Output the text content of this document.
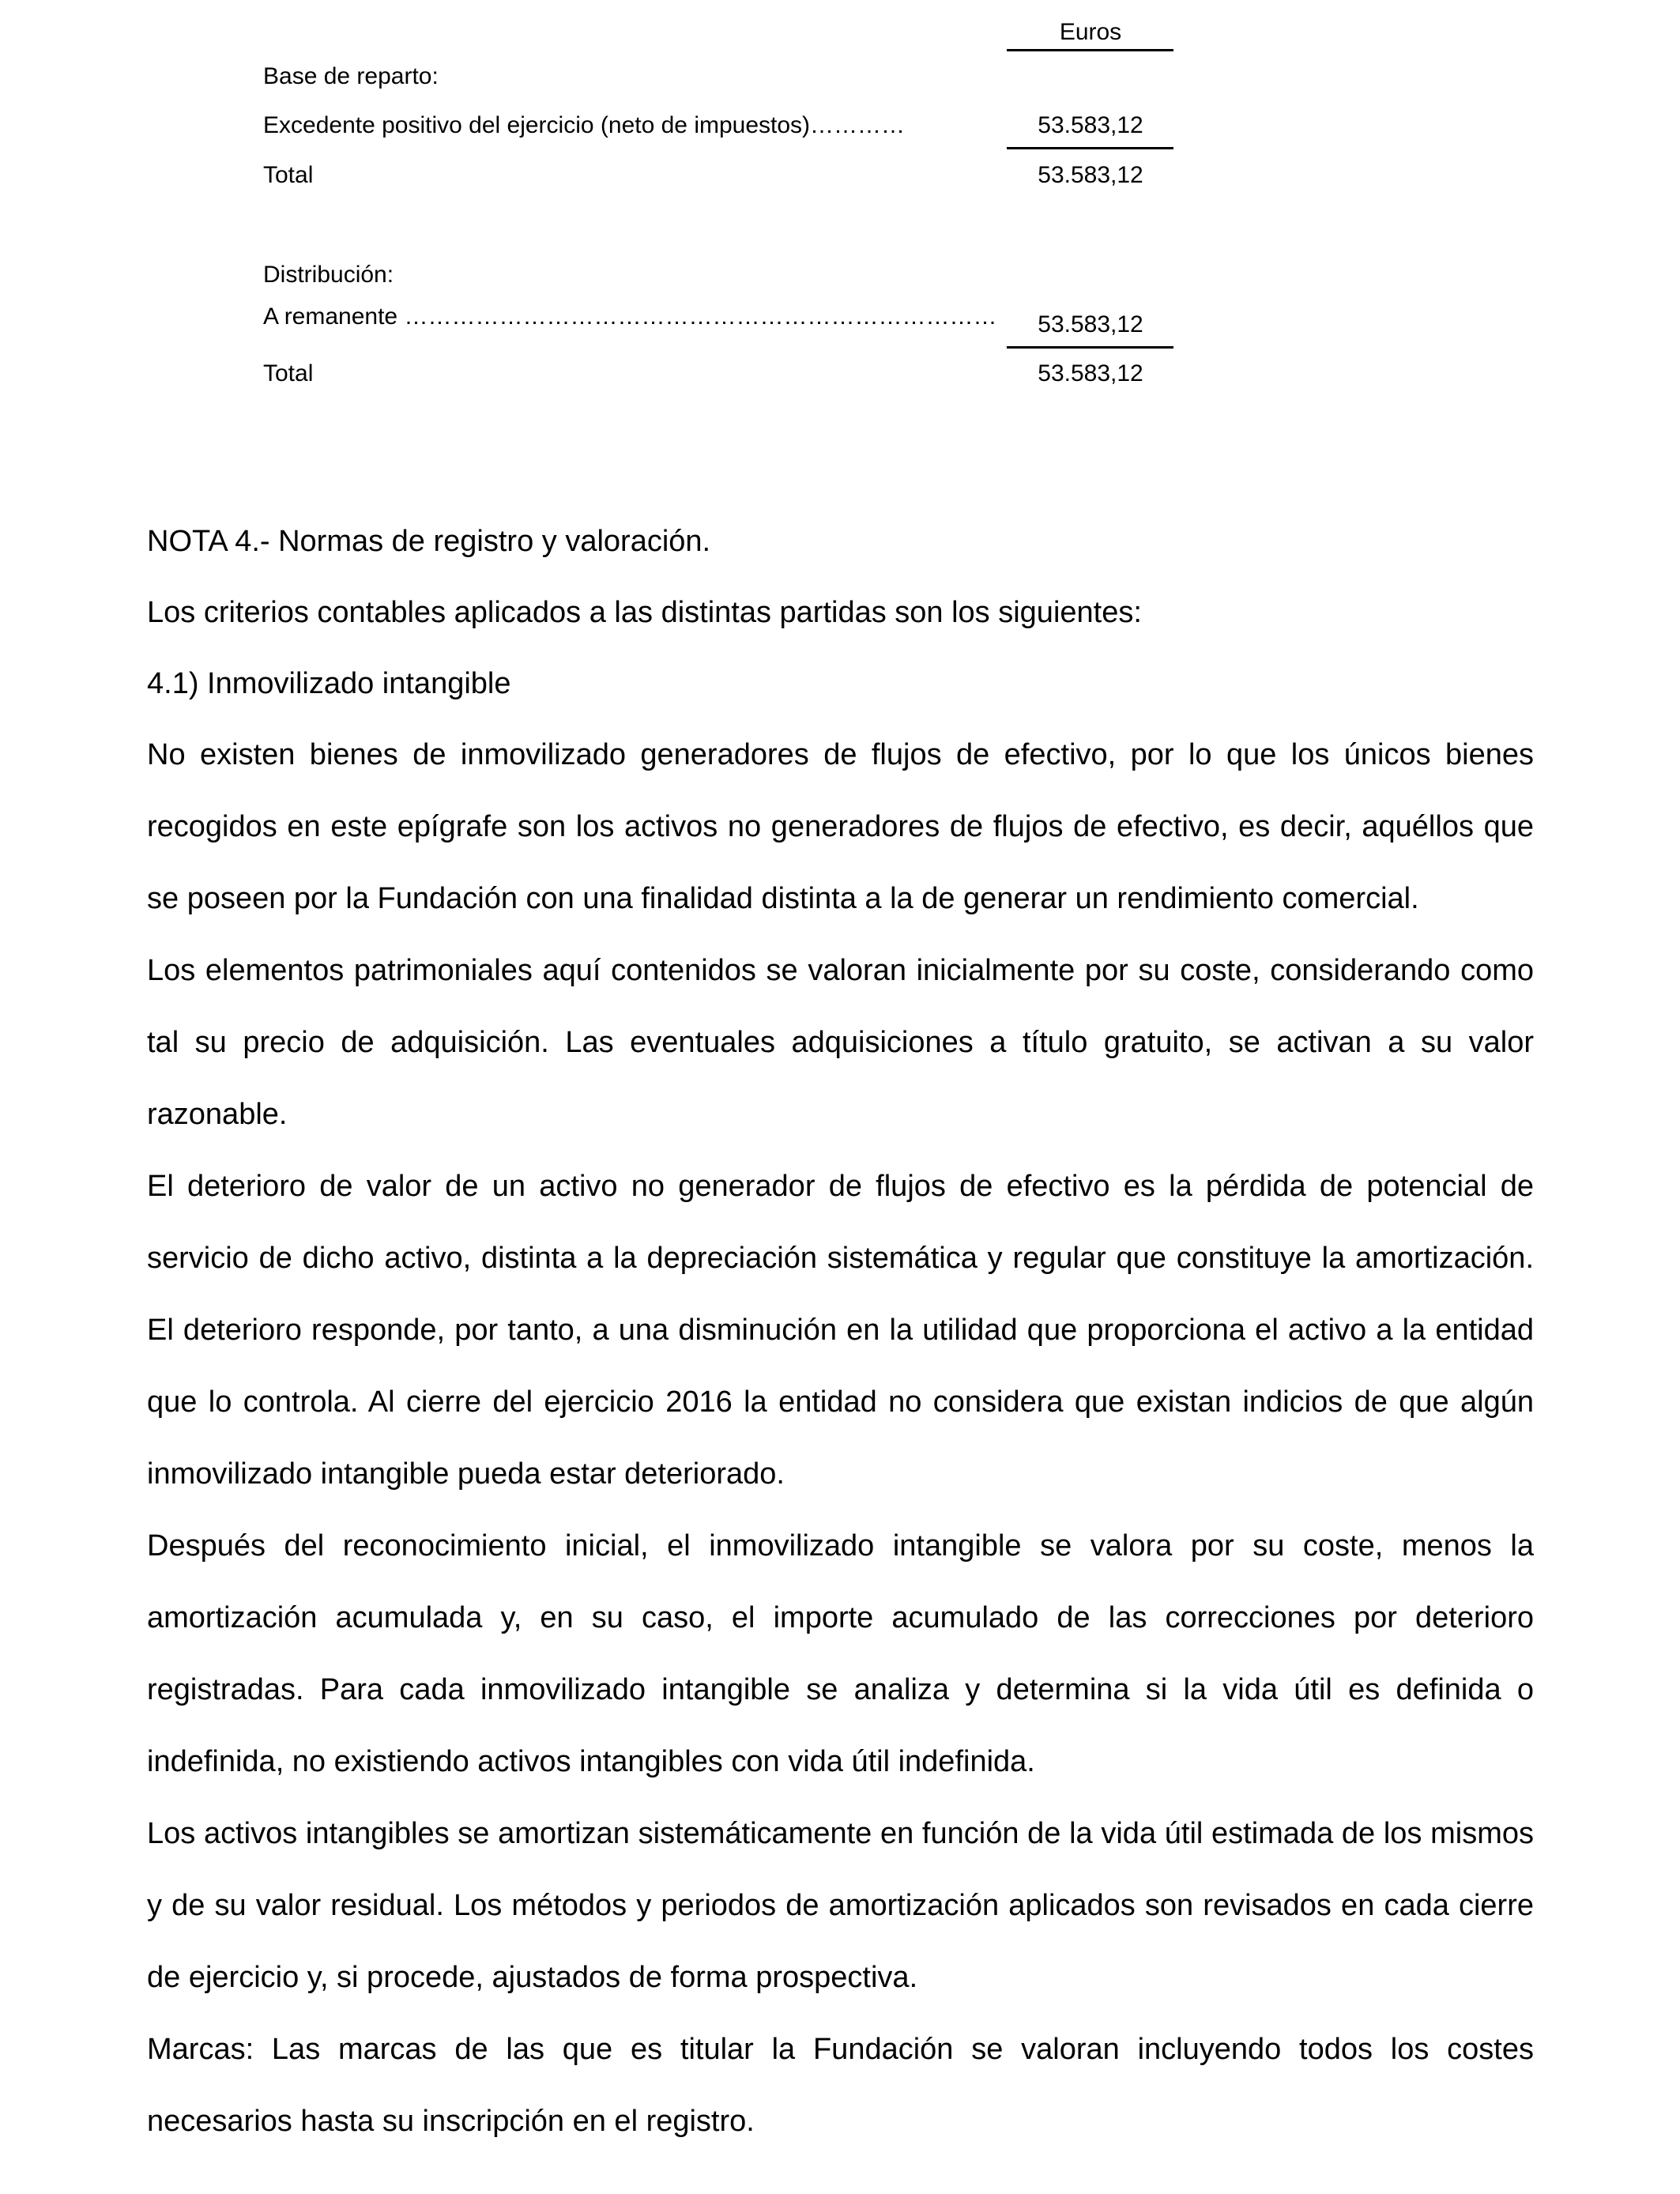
Euros
Base de reparto:
Excedente positivo del ejercicio (neto de impuestos)…………	53.583,12
Total	53.583,12
Distribución:
A remanente …………………………………………………………………	53.583,12
Total	53.583,12

NOTA 4.- Normas de registro y valoración.

Los criterios contables aplicados a las distintas partidas son los siguientes:

4.1) Inmovilizado intangible

No existen bienes de inmovilizado generadores de flujos de efectivo, por lo que los únicos bienes recogidos en este epígrafe son los activos no generadores de flujos de efectivo, es decir, aquéllos que se poseen por la Fundación con una finalidad distinta a la de generar un rendimiento comercial.

Los elementos patrimoniales aquí contenidos se valoran inicialmente por su coste, considerando como tal su precio de adquisición. Las eventuales adquisiciones a título gratuito, se activan a su valor razonable.

El deterioro de valor de un activo no generador de flujos de efectivo es la pérdida de potencial de servicio de dicho activo, distinta a la depreciación sistemática y regular que constituye la amortización. El deterioro responde, por tanto, a una disminución en la utilidad que proporciona el activo a la entidad que lo controla. Al cierre del ejercicio 2016 la entidad no considera que existan indicios de que algún inmovilizado intangible pueda estar deteriorado.

Después del reconocimiento inicial, el inmovilizado intangible se valora por su coste, menos la amortización acumulada y, en su caso, el importe acumulado de las correcciones por deterioro registradas. Para cada inmovilizado intangible se analiza y determina si la vida útil es definida o indefinida, no existiendo activos intangibles con vida útil indefinida.

Los activos intangibles se amortizan sistemáticamente en función de la vida útil estimada de los mismos y de su valor residual. Los métodos y periodos de amortización aplicados son revisados en cada cierre de ejercicio y, si procede, ajustados de forma prospectiva.

Marcas: Las marcas de las que es titular la Fundación se valoran incluyendo todos los costes necesarios hasta su inscripción en el registro.
